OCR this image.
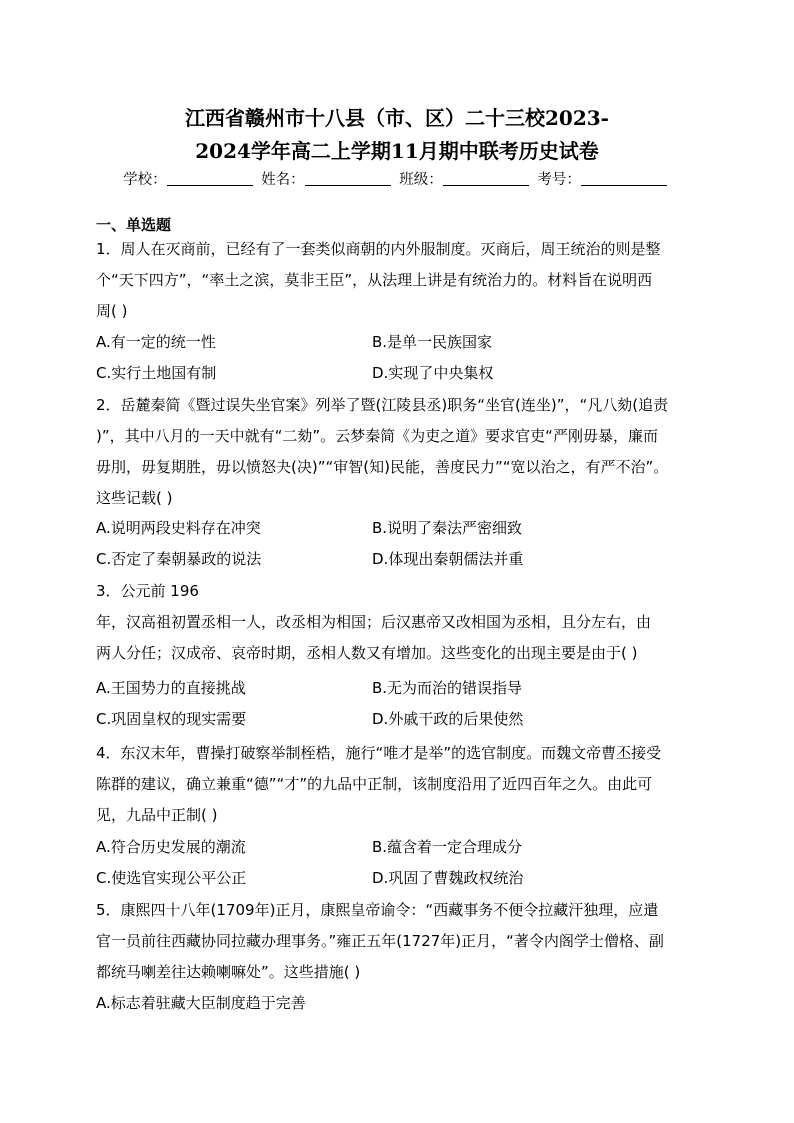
江西省赣州市十八县（市、区）二十三校2023-
2024学年高二上学期11月期中联考历史试卷
学校：	姓名：	班级：	考号：
一、单选题
1．周人在灭商前，已经有了一套类似商朝的内外服制度。灭商后，周王统治的则是整
个“天下四方”，“率土之滨，莫非王臣”，从法理上讲是有统治力的。材料旨在说明西
周( )
A.有一定的统一性	B.是单一民族国家
C.实行土地国有制	D.实现了中央集权
2．岳麓秦简《暨过误失坐官案》列举了暨(江陵县丞)职务“坐官(连坐)”，“凡八劾(追责
)”，其中八月的一天中就有“二劾”。云梦秦简《为吏之道》要求官吏“严刚毋暴，廉而
毋刖，毋复期胜，毋以愤怒夬(决)”“审智(知)民能，善度民力”“宽以治之，有严不治”。
这些记载( )
A.说明两段史料存在冲突	B.说明了秦法严密细致
C.否定了秦朝暴政的说法	D.体现出秦朝儒法并重
3．公元前 196
年，汉高祖初置丞相一人，改丞相为相国；后汉惠帝又改相国为丞相，且分左右，由
两人分任；汉成帝、哀帝时期，丞相人数又有增加。这些变化的出现主要是由于( )
A.王国势力的直接挑战	B.无为而治的错误指导
C.巩固皇权的现实需要	D.外戚干政的后果使然
4．东汉末年，曹操打破察举制桎梏，施行“唯才是举”的选官制度。而魏文帝曹丕接受
陈群的建议，确立兼重“德”“才”的九品中正制，该制度沿用了近四百年之久。由此可
见，九品中正制( )
A.符合历史发展的潮流	B.蕴含着一定合理成分
C.使选官实现公平公正	D.巩固了曹魏政权统治
5．康熙四十八年(1709年)正月，康熙皇帝谕令：“西藏事务不便令拉藏汗独理，应遣
官一员前往西藏协同拉藏办理事务。”雍正五年(1727年)正月，“著令内阁学士僧格、副
都统马喇差往达赖喇嘛处”。这些措施( )
A.标志着驻藏大臣制度趋于完善
